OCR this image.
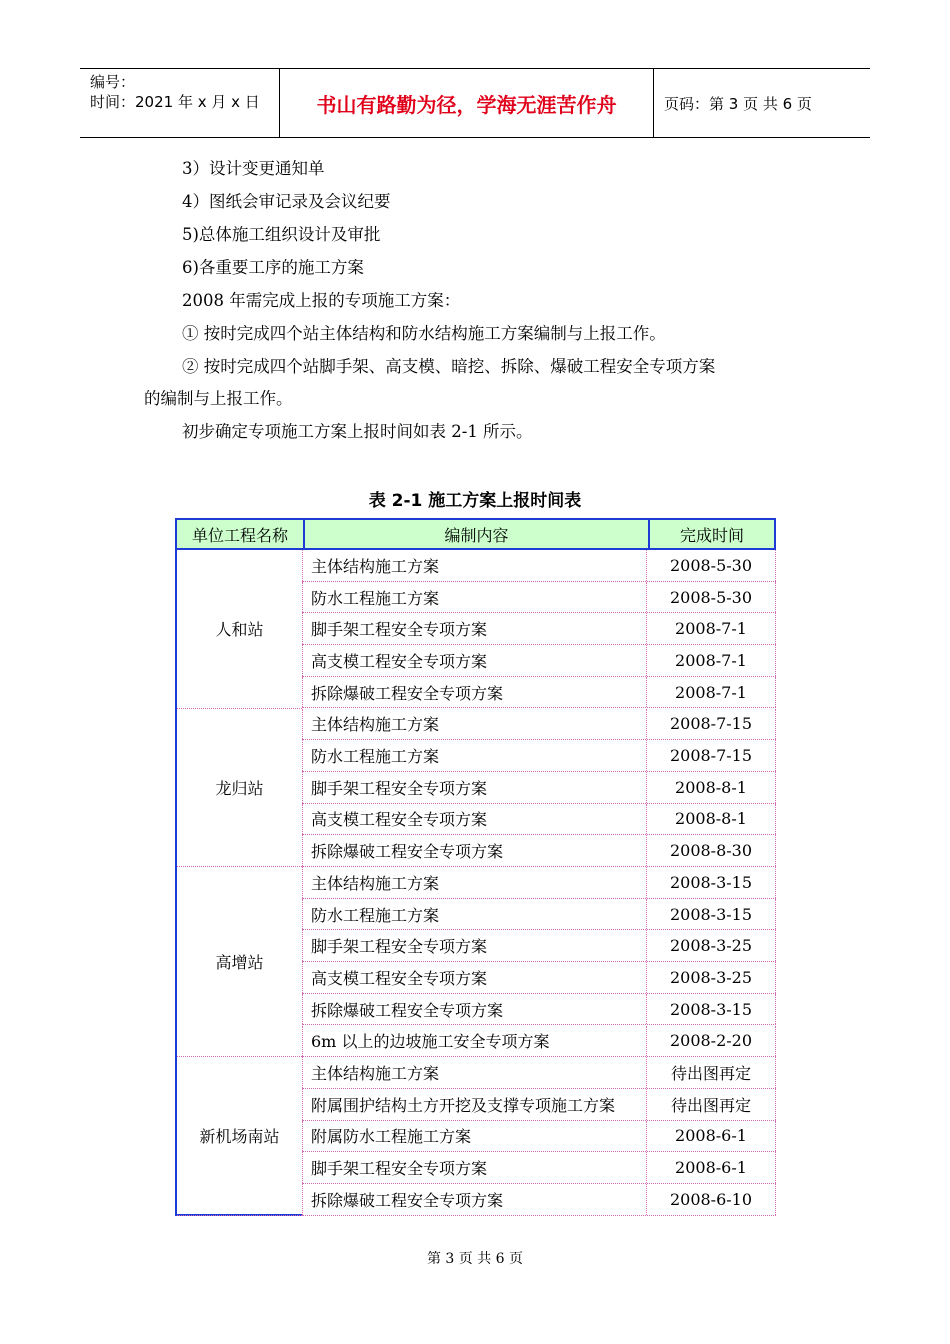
编号：
时间：2021 年 x 月 x 日	书山有路勤为径，学海无涯苦作舟	页码：第 3 页 共 6 页
3）设计变更通知单
4）图纸会审记录及会议纪要
5)总体施工组织设计及审批
6)各重要工序的施工方案
2008 年需完成上报的专项施工方案：
① 按时完成四个站主体结构和防水结构施工方案编制与上报工作。
② 按时完成四个站脚手架、高支模、暗挖、拆除、爆破工程安全专项方案
的编制与上报工作。
初步确定专项施工方案上报时间如表 2-1 所示。
表 2-1 施工方案上报时间表
单位工程名称	编制内容	完成时间
人和站
主体结构施工方案	2008-5-30
防水工程施工方案	2008-5-30
脚手架工程安全专项方案	2008-7-1
高支模工程安全专项方案	2008-7-1
拆除爆破工程安全专项方案	2008-7-1
龙归站
主体结构施工方案	2008-7-15
防水工程施工方案	2008-7-15
脚手架工程安全专项方案	2008-8-1
高支模工程安全专项方案	2008-8-1
拆除爆破工程安全专项方案	2008-8-30
高增站
主体结构施工方案	2008-3-15
防水工程施工方案	2008-3-15
脚手架工程安全专项方案	2008-3-25
高支模工程安全专项方案	2008-3-25
拆除爆破工程安全专项方案	2008-3-15
6m 以上的边坡施工安全专项方案	2008-2-20
新机场南站
主体结构施工方案	待出图再定
附属围护结构土方开挖及支撑专项施工方案	待出图再定
附属防水工程施工方案	2008-6-1
脚手架工程安全专项方案	2008-6-1
拆除爆破工程安全专项方案	2008-6-10
第 3 页 共 6 页
